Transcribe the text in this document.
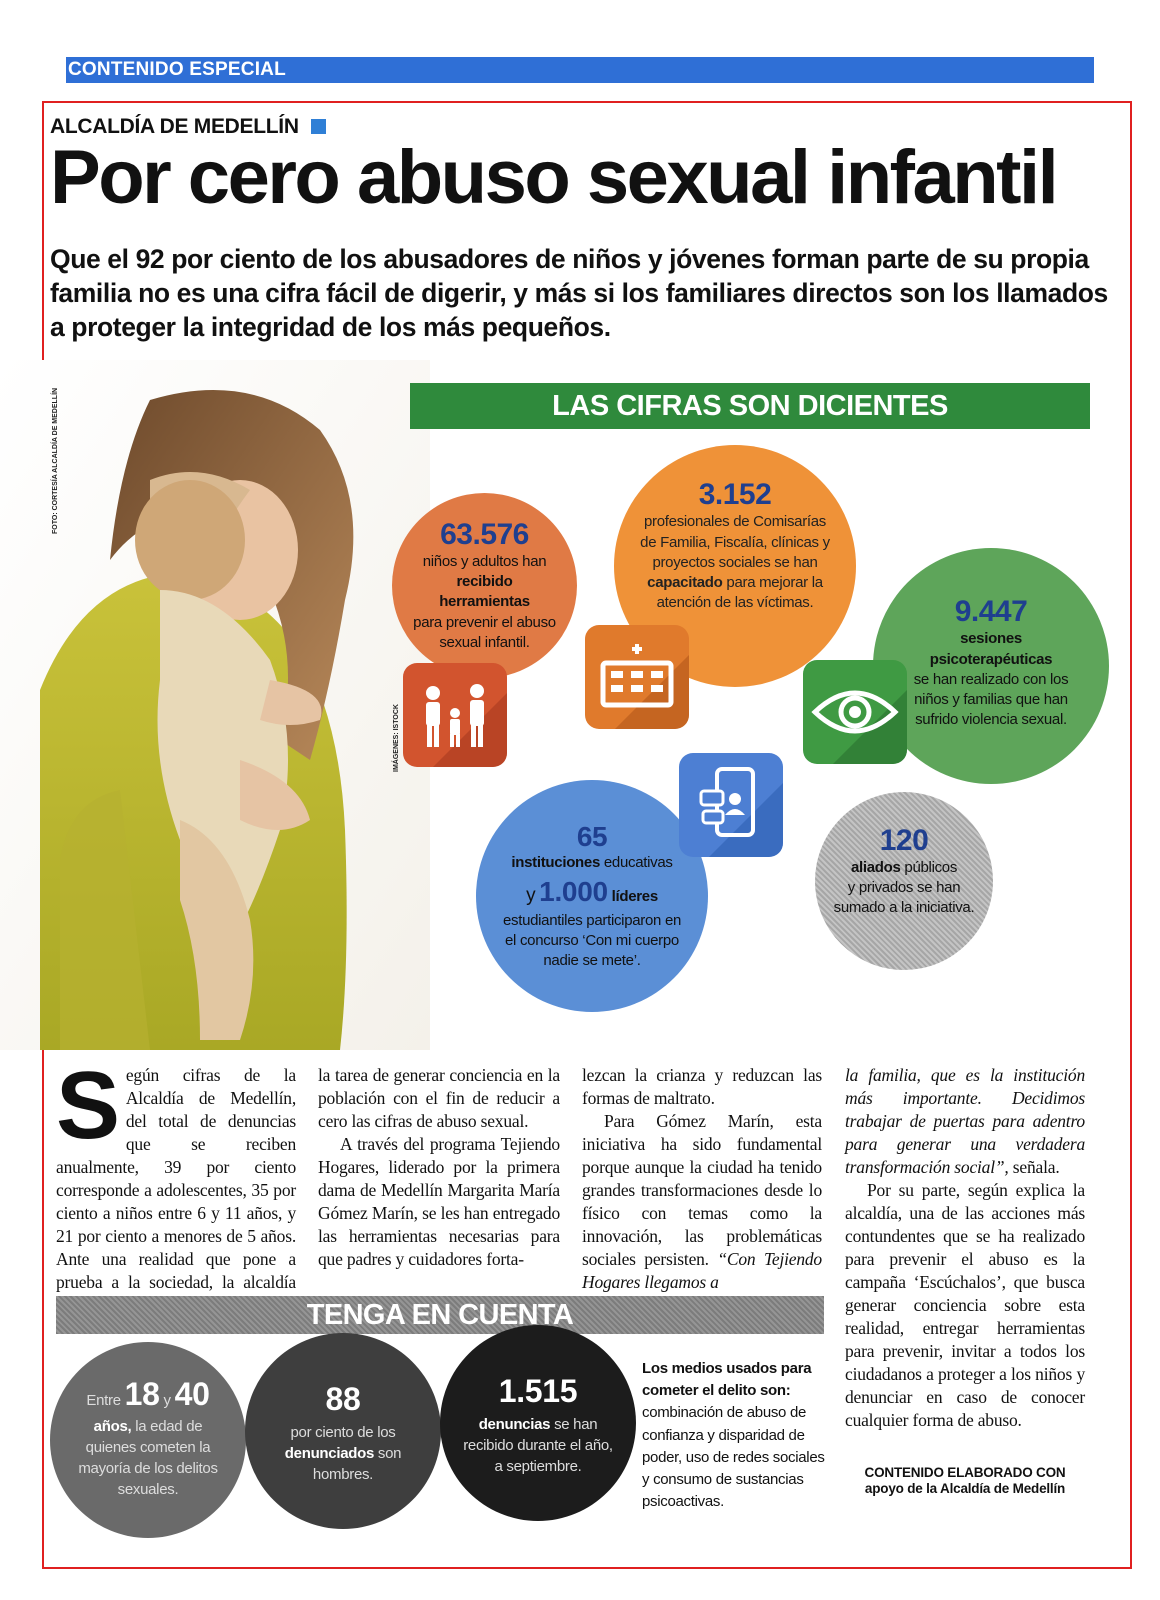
CONTENIDO ESPECIAL
ALCALDÍA DE MEDELLÍN
Por cero abuso sexual infantil
Que el 92 por ciento de los abusadores de niños y jóvenes forman parte de su propia familia no es una cifra fácil de digerir, y más si los familiares directos son los llamados a proteger la integridad de los más pequeños.
FOTO: CORTESÍA ALCALDÍA DE MEDELLÍN
IMÁGENES: ISTOCK
LAS CIFRAS SON DICIENTES
63.576
niños y adultos han
recibido herramientas
para prevenir el abuso sexual infantil.
3.152
profesionales de Comisarías de Familia, Fiscalía, clínicas y proyectos sociales se han capacitado para mejorar la atención de las víctimas.	9.447
sesiones psicoterapéuticas
se han realizado con los niños y familias que han sufrido violencia sexual.
65
instituciones educativas
y 1.000 líderes
estudiantiles participaron en el concurso ‘Con mi cuerpo nadie se mete’.
120
aliados públicos
y privados se han sumado a la iniciativa.
Según cifras de la Alcaldía de Medellín, del total de denuncias que se reciben anualmente, 39 por ciento corresponde a adolescentes, 35 por ciento a niños entre 6 y 11 años, y 21 por ciento a menores de 5 años. Ante una realidad que pone a prueba a la sociedad, la alcaldía
la tarea de generar conciencia en la población con el fin de reducir a cero las cifras de abuso sexual.
A través del programa Tejiendo Hogares, liderado por la primera dama de Medellín Margarita María Gómez Marín, se les han entregado las herramientas necesarias para que padres y cuidadores forta-
lezcan la crianza y reduzcan las formas de maltrato.
Para Gómez Marín, esta iniciativa ha sido fundamental porque aunque la ciudad ha tenido grandes transformaciones desde lo físico con temas como la innovación, las problemáticas sociales persisten. “Con Tejiendo Hogares llegamos a
la familia, que es la institución más importante. Decidimos trabajar de puertas para adentro para generar una verdadera transformación social”, señala.
Por su parte, según explica la alcaldía, una de las acciones más contundentes que se ha realizado para prevenir el abuso es la campaña ‘Escúchalos’, que busca generar conciencia sobre esta realidad, entregar herramientas para prevenir, invitar a todos los ciudadanos a proteger a los niños y denunciar en caso de conocer cualquier forma de abuso.
TENGA EN CUENTA
Entre 18 y 40
años, la edad de quienes cometen la mayoría de los delitos sexuales.
88
por ciento de los
denunciados son hombres.
1.515
denuncias se han recibido durante el año, a septiembre.
Los medios usados para cometer el delito son: combinación de abuso de confianza y disparidad de poder, uso de redes sociales y consumo de sustancias psicoactivas.
CONTENIDO ELABORADO CON
apoyo de la Alcaldía de Medellín
